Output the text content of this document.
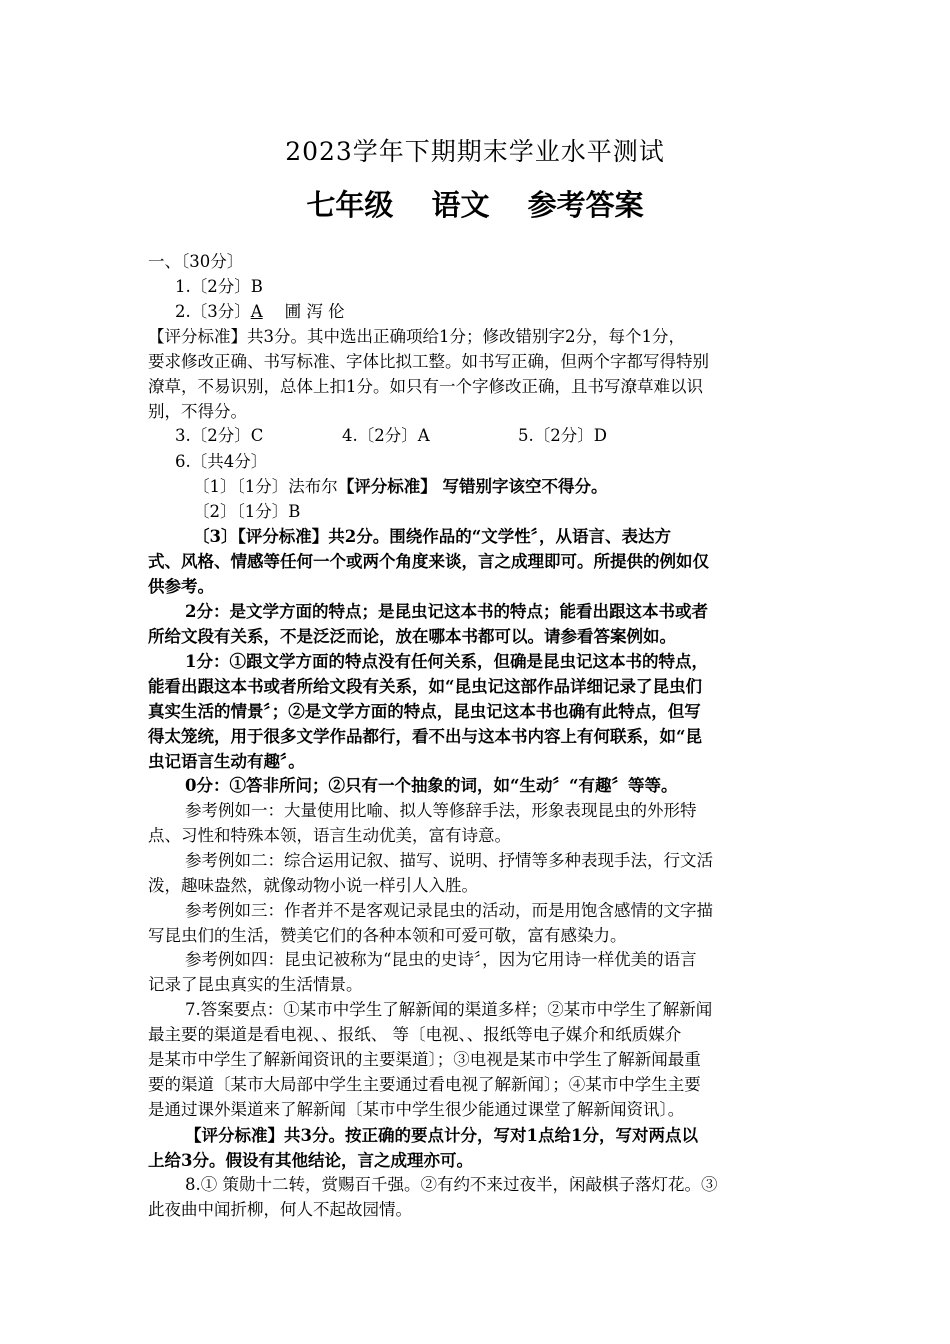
2023学年下期期末学业水平测试
七年级 语文 参考答案
一、〔30分〕
1.〔2分〕B
2.〔3分〕A 圃 泻 伦
【评分标准】共3分。其中选出正确项给1分；修改错别字2分，每个1分，
要求修改正确、书写标准、字体比拟工整。如书写正确，但两个字都写得特别
潦草，不易识别，总体上扣1分。如只有一个字修改正确，且书写潦草难以识
别，不得分。
3.〔2分〕C	4.〔2分〕A	5.〔2分〕D
6.〔共4分〕
〔1〕〔1分〕法布尔【评分标准】 写错别字该空不得分。
〔2〕〔1分〕B
〔3〕【评分标准】共2分。围绕作品的“文学性〞，从语言、表达方
式、风格、情感等任何一个或两个角度来谈，言之成理即可。所提供的例如仅
供参考。
2分：是文学方面的特点；是昆虫记这本书的特点；能看出跟这本书或者
所给文段有关系，不是泛泛而论，放在哪本书都可以。请参看答案例如。
1分：①跟文学方面的特点没有任何关系，但确是昆虫记这本书的特点，
能看出跟这本书或者所给文段有关系，如“昆虫记这部作品详细记录了昆虫们
真实生活的情景〞；②是文学方面的特点，昆虫记这本书也确有此特点，但写
得太笼统，用于很多文学作品都行，看不出与这本书内容上有何联系，如“昆
虫记语言生动有趣〞。
0分：①答非所问；②只有一个抽象的词，如“生动〞“有趣〞等等。
参考例如一：大量使用比喻、拟人等修辞手法，形象表现昆虫的外形特
点、习性和特殊本领，语言生动优美，富有诗意。
参考例如二：综合运用记叙、描写、说明、抒情等多种表现手法，行文活
泼，趣味盎然，就像动物小说一样引人入胜。
参考例如三：作者并不是客观记录昆虫的活动，而是用饱含感情的文字描
写昆虫们的生活，赞美它们的各种本领和可爱可敬，富有感染力。
参考例如四：昆虫记被称为“昆虫的史诗〞，因为它用诗一样优美的语言
记录了昆虫真实的生活情景。
7.答案要点：①某市中学生了解新闻的渠道多样；②某市中学生了解新闻
最主要的渠道是看电视、、报纸、 等〔电视、、报纸等电子媒介和纸质媒介
是某市中学生了解新闻资讯的主要渠道〕；③电视是某市中学生了解新闻最重
要的渠道〔某市大局部中学生主要通过看电视了解新闻〕；④某市中学生主要
是通过课外渠道来了解新闻〔某市中学生很少能通过课堂了解新闻资讯〕。
【评分标准】共3分。按正确的要点计分，写对1点给1分，写对两点以
上给3分。假设有其他结论，言之成理亦可。
8.① 策勋十二转，赏赐百千强。②有约不来过夜半，闲敲棋子落灯花。③
此夜曲中闻折柳，何人不起故园情。
